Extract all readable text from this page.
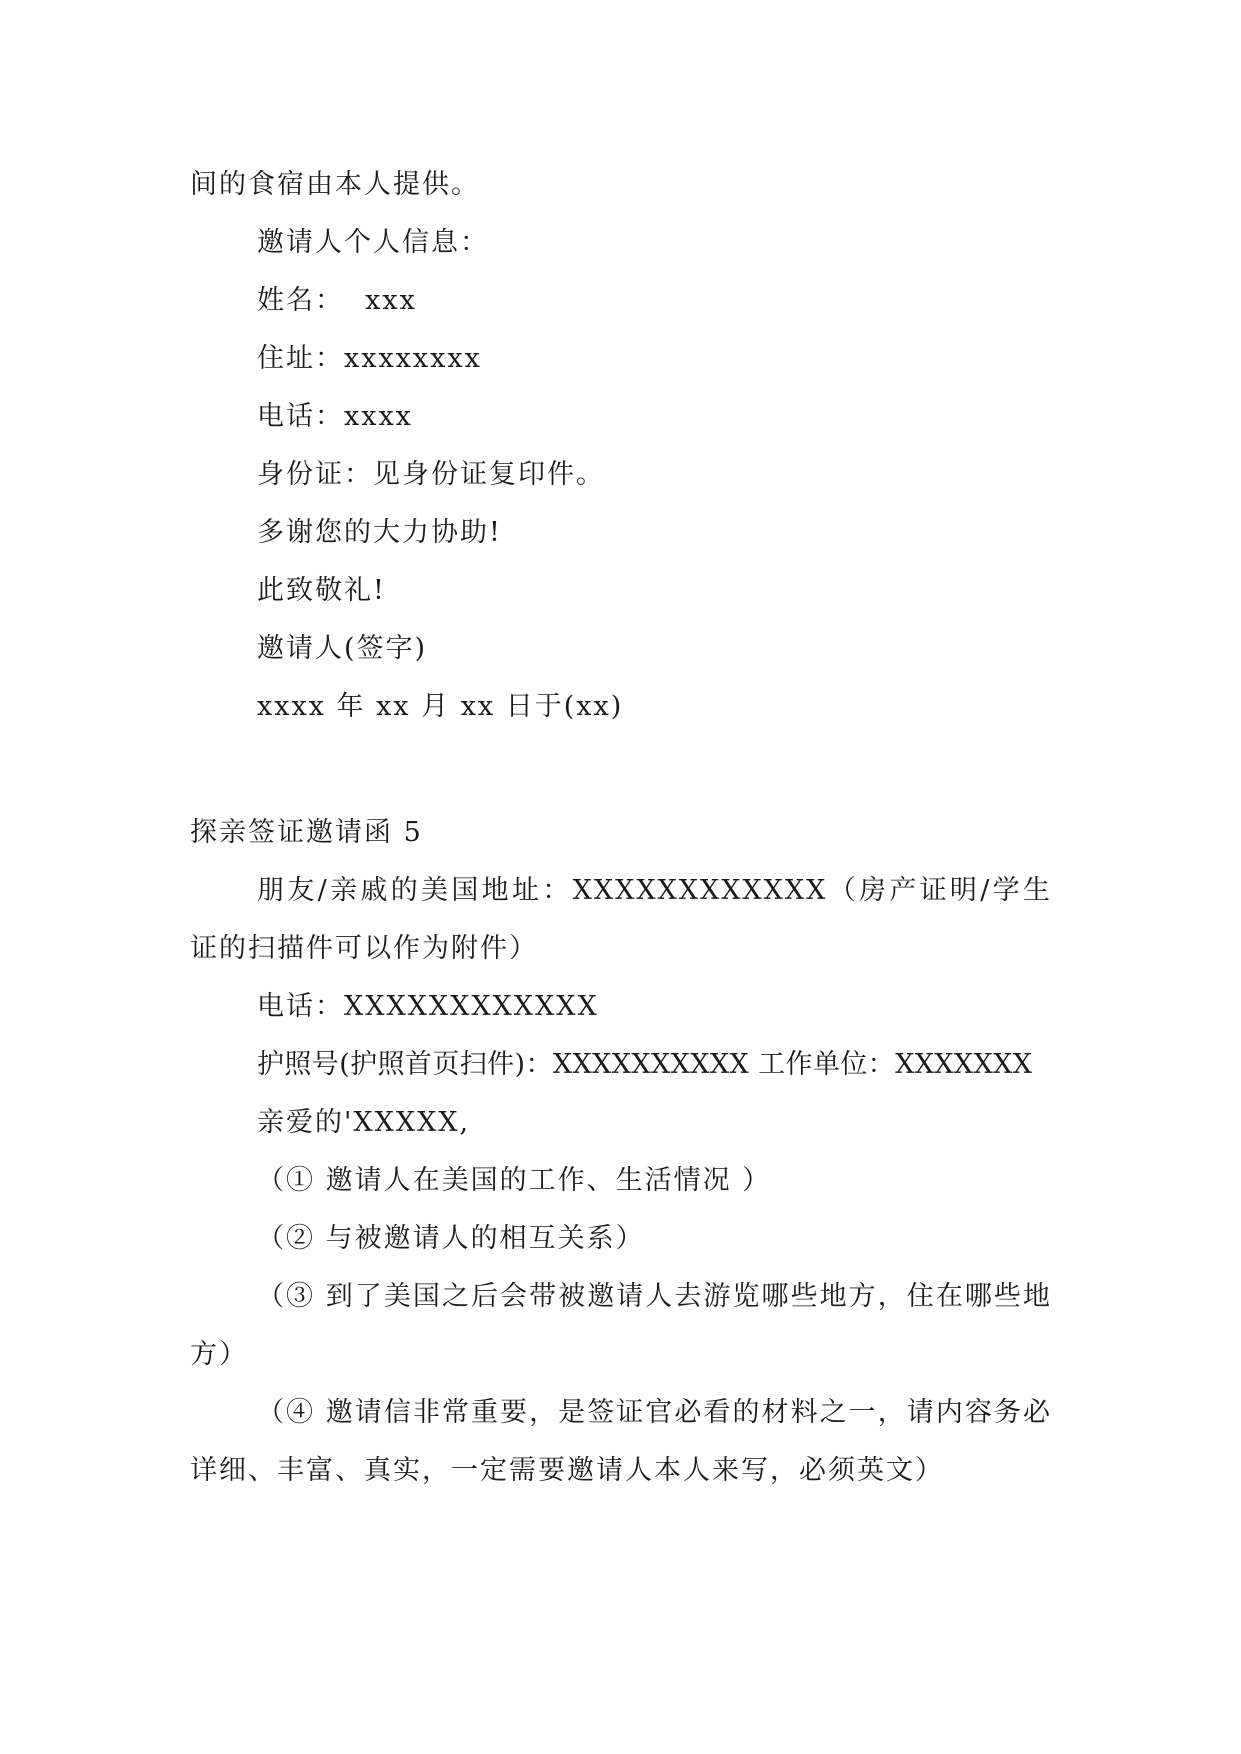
间的食宿由本人提供。
邀请人个人信息：
姓名：  xxx
住址：xxxxxxxx
电话：xxxx
身份证：见身份证复印件。
多谢您的大力协助!
此致敬礼!
邀请人(签字)
xxxx 年 xx 月 xx 日于(xx)
探亲签证邀请函 5
朋友/亲戚的美国地址：XXXXXXXXXXXX（房产证明/学生证的扫描件可以作为附件）
电话：XXXXXXXXXXXX
护照号(护照首页扫件)：XXXXXXXXXX 工作单位：XXXXXXX
亲爱的'XXXXX,
（① 邀请人在美国的工作、生活情况 ）
（② 与被邀请人的相互关系）
（③ 到了美国之后会带被邀请人去游览哪些地方，住在哪些地方）
（④ 邀请信非常重要，是签证官必看的材料之一，请内容务必详细、丰富、真实，一定需要邀请人本人来写，必须英文）
